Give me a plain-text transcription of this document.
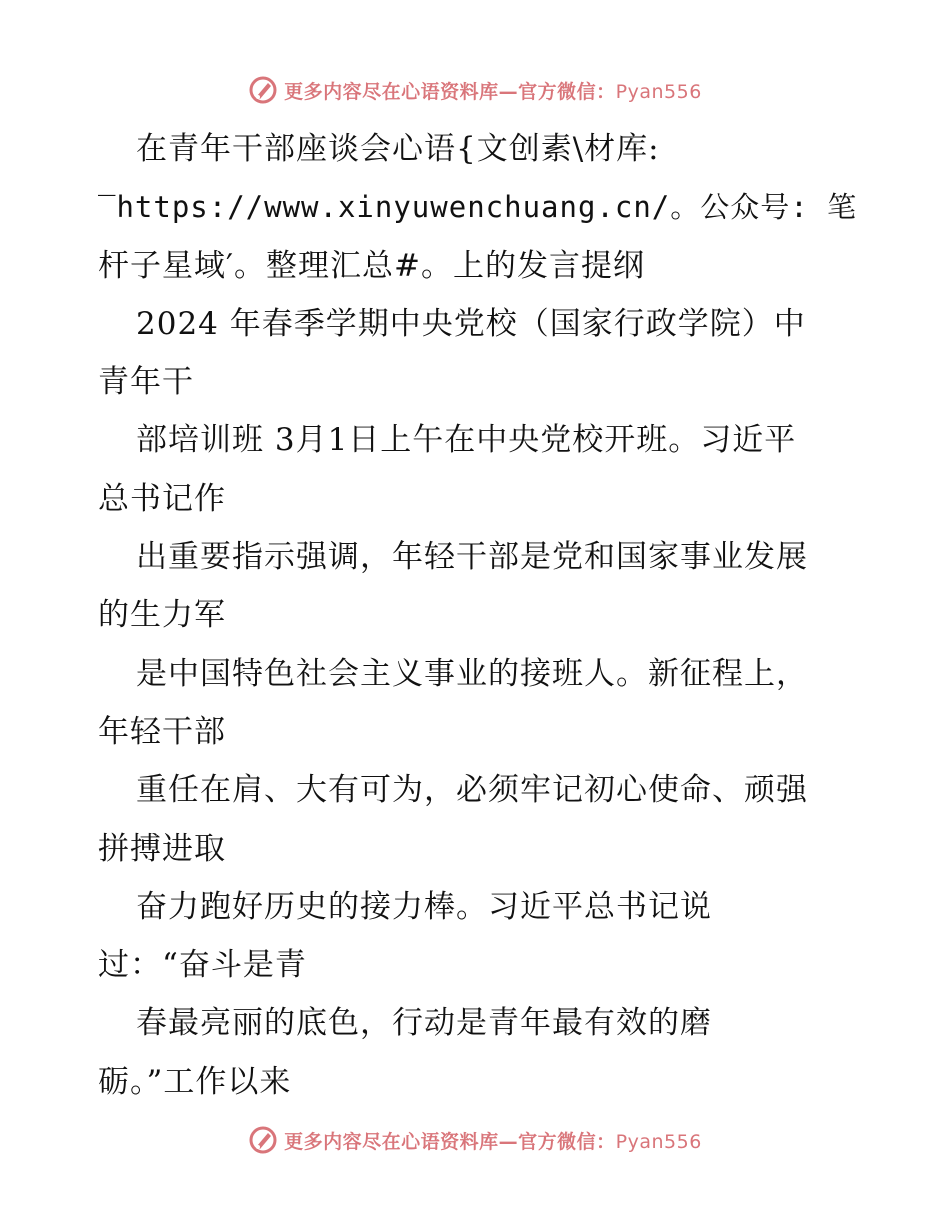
更多内容尽在心语资料库—官方微信：Pyan556
在青年干部座谈会心语{文创素\材库:
‾https://www.xinyuwenchuang.cn/。公众号: 笔
杆子星域′。整理汇总#。上的发言提纲
2024 年春季学期中央党校（国家行政学院）中
青年干
部培训班 3月1日上午在中央党校开班。习近平
总书记作
出重要指示强调，年轻干部是党和国家事业发展
的生力军
是中国特色社会主义事业的接班人。新征程上，
年轻干部
重任在肩、大有可为，必须牢记初心使命、顽强
拼搏进取
奋力跑好历史的接力棒。习近平总书记说
过：“奋斗是青
春最亮丽的底色，行动是青年最有效的磨
砺。”工作以来
更多内容尽在心语资料库—官方微信：Pyan556
